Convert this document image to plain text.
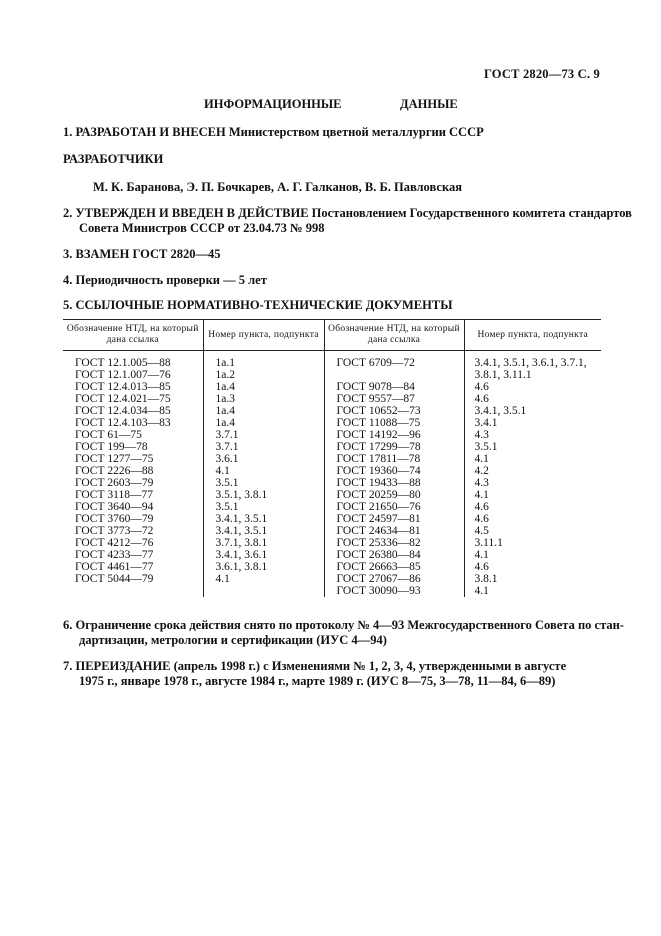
ГОСТ 2820—73 С. 9
ИНФОРМАЦИОННЫЕ	ДАННЫЕ
1. РАЗРАБОТАН И ВНЕСЕН Министерством цветной металлургии СССР
РАЗРАБОТЧИКИ
М. К. Баранова, Э. П. Бочкарев, А. Г. Галканов, В. Б. Павловская
2. УТВЕРЖДЕН И ВВЕДЕН В ДЕЙСТВИЕ Постановлением Государственного комитета стандартов
Совета Министров СССР от 23.04.73 № 998
3. ВЗАМЕН ГОСТ 2820—45
4. Периодичность проверки — 5 лет
5. ССЫЛОЧНЫЕ НОРМАТИВНО-ТЕХНИЧЕСКИЕ ДОКУМЕНТЫ
Обозначение НТД, на который дана ссылка	Номер пункта, подпункта	Обозначение НТД, на который дана ссылка	Номер пункта, подпункта
ГОСТ 12.1.005—88	1а.1	ГОСТ 6709—72	3.4.1, 3.5.1, 3.6.1, 3.7.1,
ГОСТ 12.1.007—76	1а.2		3.8.1, 3.11.1
ГОСТ 12.4.013—85	1а.4	ГОСТ 9078—84	4.6
ГОСТ 12.4.021—75	1а.3	ГОСТ 9557—87	4.6
ГОСТ 12.4.034—85	1а.4	ГОСТ 10652—73	3.4.1, 3.5.1
ГОСТ 12.4.103—83	1а.4	ГОСТ 11088—75	3.4.1
ГОСТ 61—75	3.7.1	ГОСТ 14192—96	4.3
ГОСТ 199—78	3.7.1	ГОСТ 17299—78	3.5.1
ГОСТ 1277—75	3.6.1	ГОСТ 17811—78	4.1
ГОСТ 2226—88	4.1	ГОСТ 19360—74	4.2
ГОСТ 2603—79	3.5.1	ГОСТ 19433—88	4.3
ГОСТ 3118—77	3.5.1, 3.8.1	ГОСТ 20259—80	4.1
ГОСТ 3640—94	3.5.1	ГОСТ 21650—76	4.6
ГОСТ 3760—79	3.4.1, 3.5.1	ГОСТ 24597—81	4.6
ГОСТ 3773—72	3.4.1, 3.5.1	ГОСТ 24634—81	4.5
ГОСТ 4212—76	3.7.1, 3.8.1	ГОСТ 25336—82	3.11.1
ГОСТ 4233—77	3.4.1, 3.6.1	ГОСТ 26380—84	4.1
ГОСТ 4461—77	3.6.1, 3.8.1	ГОСТ 26663—85	4.6
ГОСТ 5044—79	4.1	ГОСТ 27067—86	3.8.1
		ГОСТ 30090—93	4.1
6. Ограничение срока действия снято по протоколу № 4—93 Межгосударственного Совета по стан-
дартизации, метрологии и сертификации (ИУС 4—94)
7. ПЕРЕИЗДАНИЕ (апрель 1998 г.) с Изменениями № 1, 2, 3, 4, утвержденными в августе
1975 г., январе 1978 г., августе 1984 г., марте 1989 г. (ИУС 8—75, 3—78, 11—84, 6—89)
